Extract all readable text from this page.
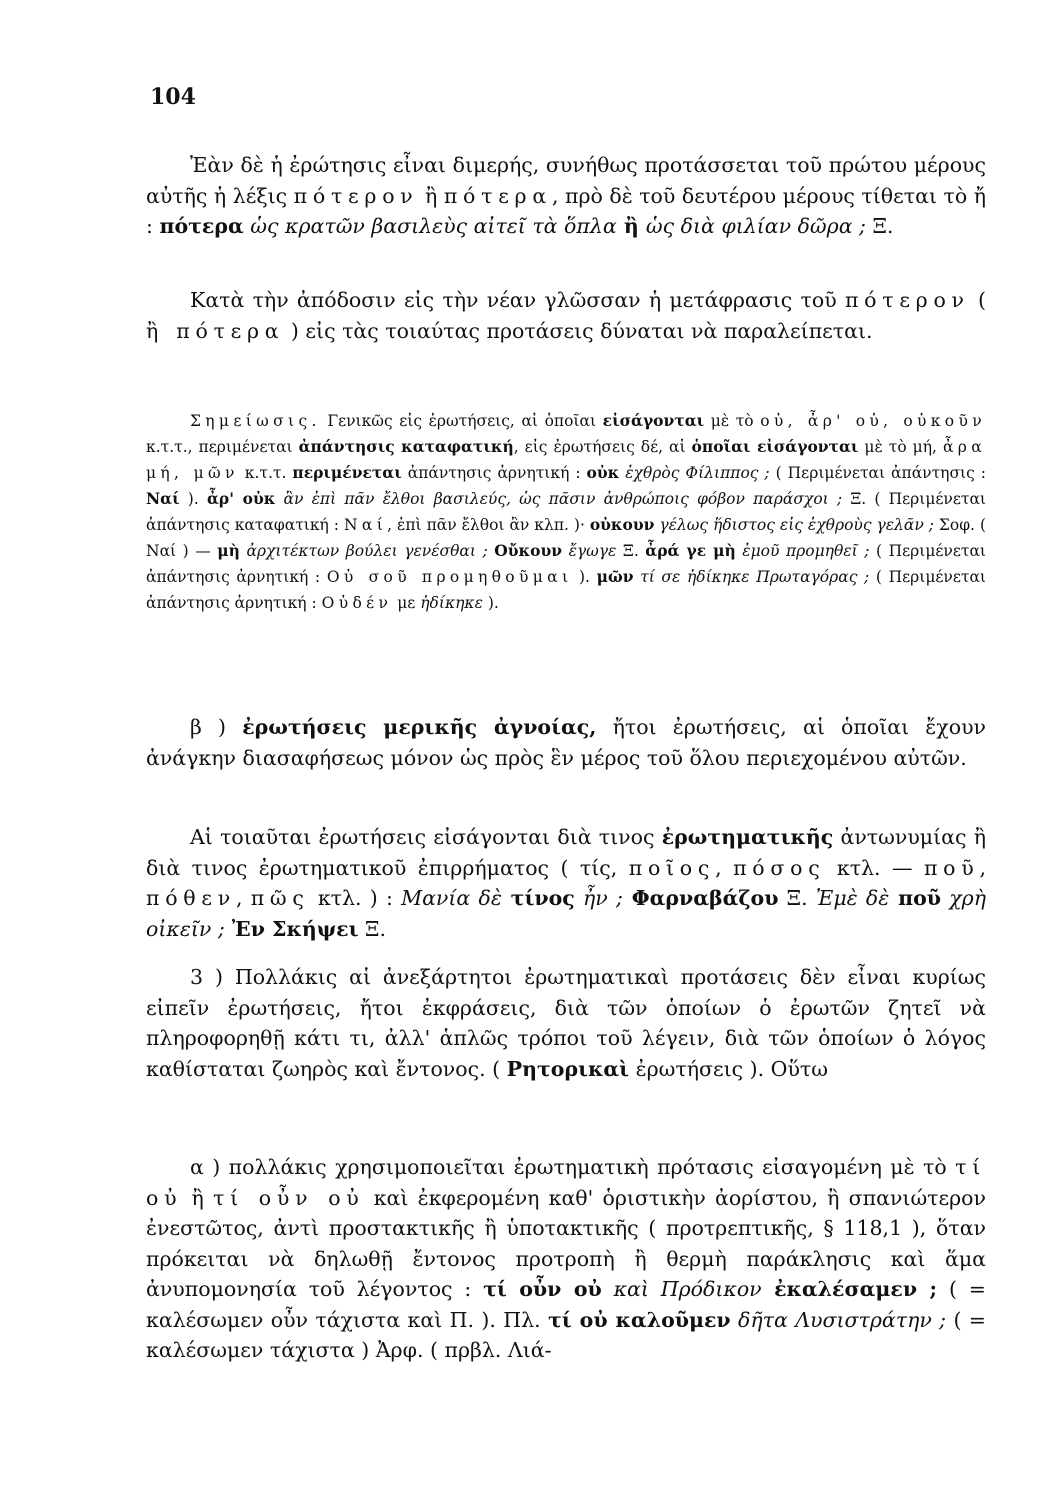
104

Ἐὰν δὲ ἡ ἐρώτησις εἶναι διμερής, συνήθως προτάσσεται τοῦ πρώτου μέρους αὐτῆς ἡ λέξις πότερον ἢ πότερα, πρὸ δὲ τοῦ δευτέρου μέρους τίθεται τὸ ἤ : πότερα ὡς κρατῶν βασιλεὺς αἰτεῖ τὰ ὅπλα ἢ ὡς διὰ φιλίαν δῶρα ; Ξ.

Κατὰ τὴν ἀπόδοσιν εἰς τὴν νέαν γλῶσσαν ἡ μετάφρασις τοῦ πότερον ( ἢ πότερα ) εἰς τὰς τοιαύτας προτάσεις δύναται νὰ παραλείπεται.

Σημείωσις. Γενικῶς εἰς ἐρωτήσεις, αἱ ὁποῖαι εἰσάγονται μὲ τὸ οὐ, ἆρ' οὐ, οὐκοῦν κ.τ.τ., περιμένεται ἀπάντησις καταφατική, εἰς ἐρωτήσεις δέ, αἱ ὁποῖαι εἰσάγονται μὲ τὸ μή, ἆρα μή, μῶν κ.τ.τ. περιμένεται ἀπάντησις ἀρνητική : οὐκ ἐχθρὸς Φίλιππος ; ( Περιμένεται ἀπάντησις : Ναί ). ἆρ' οὐκ ἂν ἐπὶ πᾶν ἔλθοι βασιλεύς, ὡς πᾶσιν ἀνθρώποις φόβον παράσχοι ; Ξ. ( Περιμένεται ἀπάντησις καταφατική : Ναί, ἐπὶ πᾶν ἔλθοι ἂν κλπ. )· οὐκουν γέλως ἥδιστος εἰς ἐχθροὺς γελᾶν ; Σοφ. ( Ναί ) — μὴ ἀρχιτέκτων βούλει γενέσθαι ; Οὔκουν ἔγωγε Ξ. ἆρά γε μὴ ἐμοῦ προμηθεῖ ; ( Περιμένεται ἀπάντησις ἀρνητική : Οὐ σοῦ προμηθοῦμαι ). μῶν τί σε ἠδίκηκε Πρωταγόρας ; ( Περιμένεται ἀπάντησις ἀρνητική : Οὐδέν με ἠδίκηκε ).

β ) ἐρωτήσεις μερικῆς ἀγνοίας, ἤτοι ἐρωτήσεις, αἱ ὁποῖαι ἔχουν ἀνάγκην διασαφήσεως μόνον ὡς πρὸς ἓν μέρος τοῦ ὅλου περιεχομένου αὐτῶν.

Αἱ τοιαῦται ἐρωτήσεις εἰσάγονται διὰ τινος ἐρωτηματικῆς ἀντωνυμίας ἢ διὰ τινος ἐρωτηματικοῦ ἐπιρρήματος ( τίς, ποῖος, πόσος κτλ. — ποῦ, πόθεν, πῶς κτλ. ) : Μανία δὲ τίνος ἦν ; Φαρναβάζου Ξ. Ἐμὲ δὲ ποῦ χρὴ οἰκεῖν ; Ἐν Σκήψει Ξ.

3 ) Πολλάκις αἱ ἀνεξάρτητοι ἐρωτηματικαὶ προτάσεις δὲν εἶναι κυρίως εἰπεῖν ἐρωτήσεις, ἤτοι ἐκφράσεις, διὰ τῶν ὁποίων ὁ ἐρωτῶν ζητεῖ νὰ πληροφορηθῇ κάτι τι, ἀλλ' ἁπλῶς τρόποι τοῦ λέγειν, διὰ τῶν ὁποίων ὁ λόγος καθίσταται ζωηρὸς καὶ ἔντονος. ( Ρητορικαὶ ἐρωτήσεις ). Οὕτω

α ) πολλάκις χρησιμοποιεῖται ἐρωτηματικὴ πρότασις εἰσαγομένη μὲ τὸ τί οὐ ἢ τί οὖν οὐ καὶ ἐκφερομένη καθ' ὁριστικὴν ἀορίστου, ἢ σπανιώτερον ἐνεστῶτος, ἀντὶ προστακτικῆς ἢ ὑποτακτικῆς ( προτρεπτικῆς, § 118,1 ), ὅταν πρόκειται νὰ δηλωθῇ ἔντονος προτροπὴ ἢ θερμὴ παράκλησις καὶ ἅμα ἀνυπομονησία τοῦ λέγοντος : τί οὖν οὐ καὶ Πρόδικον ἐκαλέσαμεν ; ( = καλέσωμεν οὖν τάχιστα καὶ Π. ). Πλ. τί οὐ καλοῦμεν δῆτα Λυσιστράτην ; ( = καλέσωμεν τάχιστα ) Ἀρφ. ( πρβλ. Λιά-
